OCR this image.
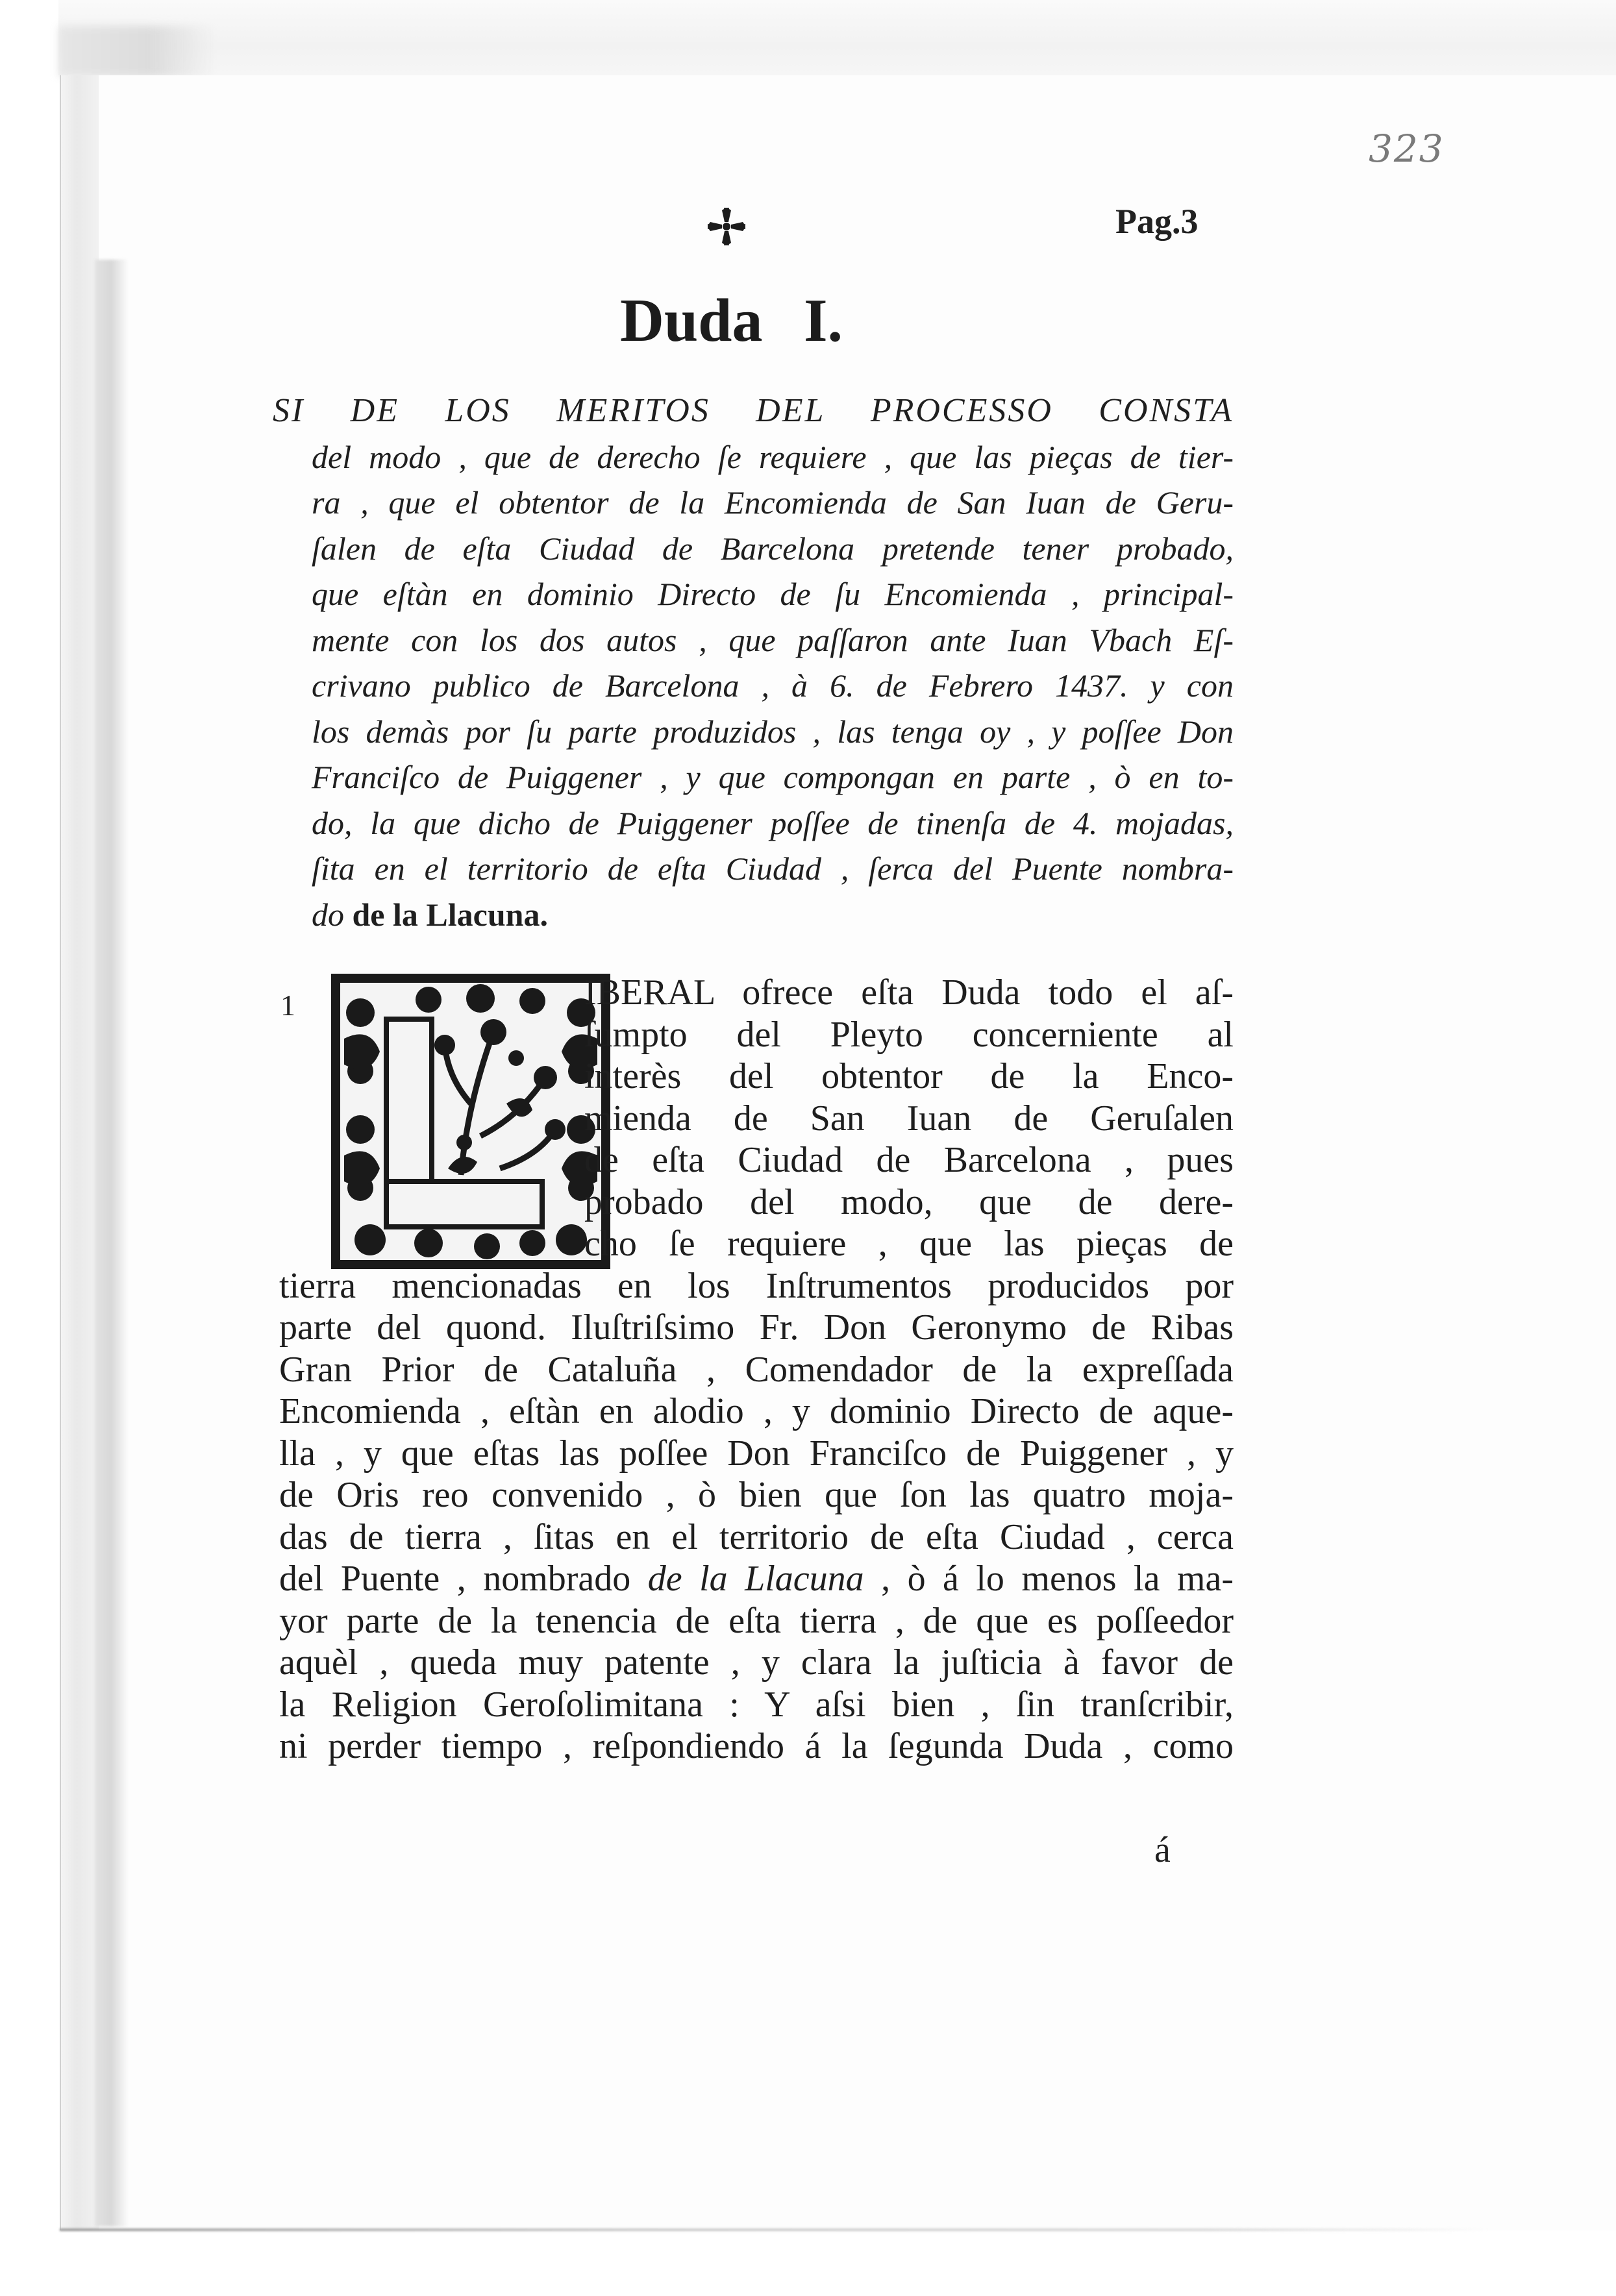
323
Pag.3
Duda I.
SI DE LOS MERITOS DEL PROCESSO CONSTA
del modo , que de derecho ſe requiere , que las pieças de tier-
ra , que el obtentor de la Encomienda de San Iuan de Geru-
ſalen de eſta Ciudad de Barcelona pretende tener probado,
que eſtàn en dominio Directo de ſu Encomienda , principal-
mente con los dos autos , que paſſaron ante Iuan Vbach Eſ-
crivano publico de Barcelona , à 6. de Febrero 1437. y con
los demàs por ſu parte produzidos , las tenga oy , y poſſee Don
Franciſco de Puiggener , y que compongan en parte , ò en to-
do, la que dicho de Puiggener poſſee de tinenſa de 4. mojadas,
ſita en el territorio de eſta Ciudad , ſerca del Puente nombra-
do de la Llacuna.
1	IBERAL ofrece eſta Duda todo el aſ-
ſumpto del Pleyto concerniente al
interès del obtentor de la Enco-
mienda de San Iuan de Geruſalen
de eſta Ciudad de Barcelona , pues
probado del modo, que de dere-
cho ſe requiere , que las pieças de
tierra mencionadas en los Inſtrumentos producidos por
parte del quond. Iluſtriſsimo Fr. Don Geronymo de Ribas
Gran Prior de Cataluña , Comendador de la expreſſada
Encomienda , eſtàn en alodio , y dominio Directo de aque-
lla , y que eſtas las poſſee Don Franciſco de Puiggener , y
de Oris reo convenido , ò bien que ſon las quatro moja-
das de tierra , ſitas en el territorio de eſta Ciudad , cerca
del Puente , nombrado de la Llacuna , ò á lo menos la ma-
yor parte de la tenencia de eſta tierra , de que es poſſeedor
aquèl , queda muy patente , y clara la juſticia à favor de
la Religion Geroſolimitana : Y aſsi bien , ſin tranſcribir,
ni perder tiempo , reſpondiendo á la ſegunda Duda , como
á
